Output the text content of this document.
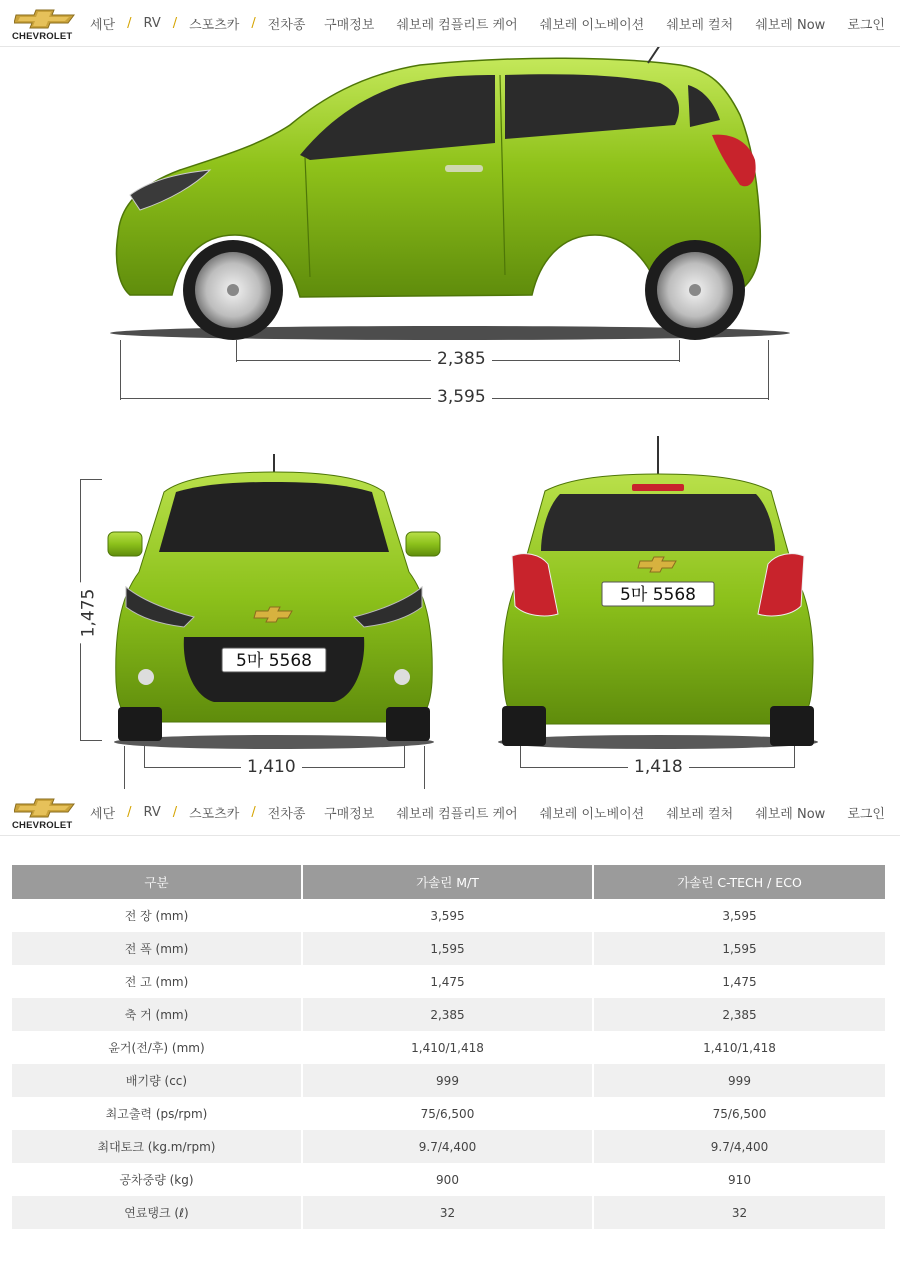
CHEVROLET
세단 / RV / 스포츠카 / 전차종 구매정보 쉐보레 컴플리트 케어 쉐보레 이노베이션 쉐보레 컬처 쉐보레 Now 로그인
2,385
3,595
5마 5568
5마 5568
1,475
1,410	1,418
CHEVROLET
세단 / RV / 스포츠카 / 전차종 구매정보 쉐보레 컴플리트 케어 쉐보레 이노베이션 쉐보레 컬처 쉐보레 Now 로그인
구분	가솔린 M/T	가솔린 C-TECH / ECO
전 장 (mm)	3,595	3,595
전 폭 (mm)	1,595	1,595
전 고 (mm)	1,475	1,475
축 거 (mm)	2,385	2,385
윤거(전/후) (mm)	1,410/1,418	1,410/1,418
배기량 (cc)	999	999
최고출력 (ps/rpm)	75/6,500	75/6,500
최대토크 (kg.m/rpm)	9.7/4,400	9.7/4,400
공차중량 (kg)	900	910
연료탱크 (ℓ)	32	32
